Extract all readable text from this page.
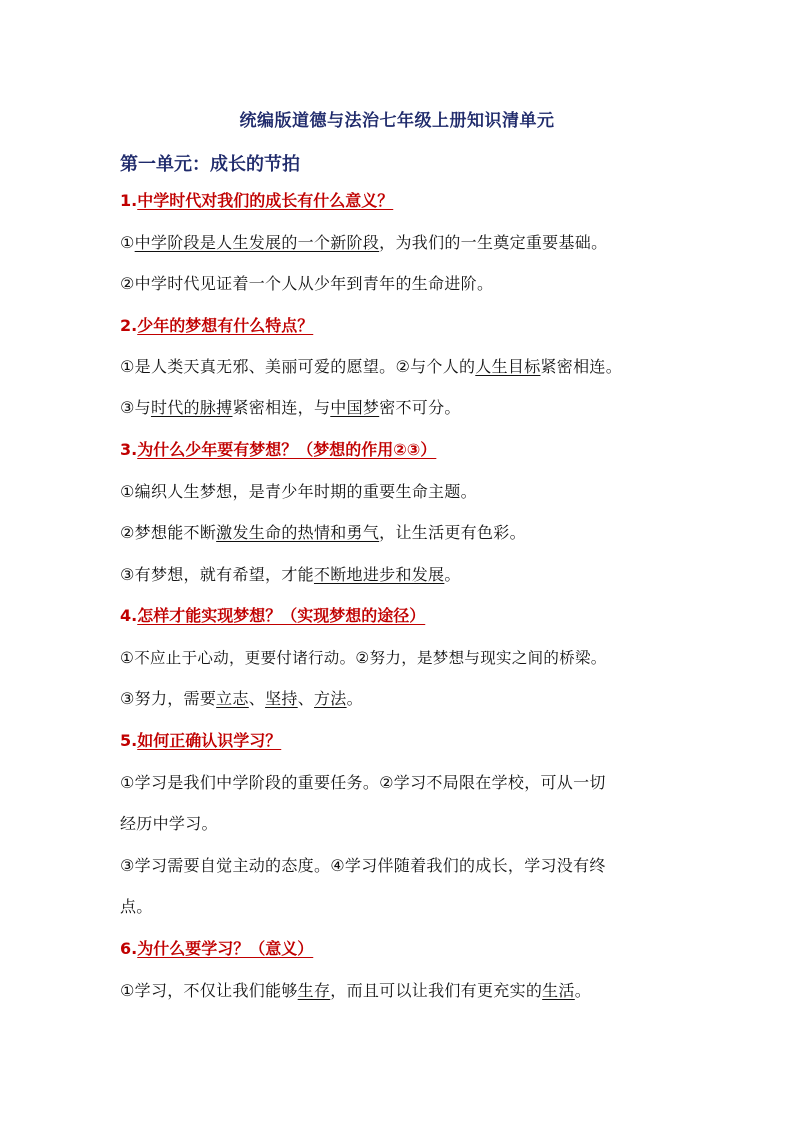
统编版道德与法治七年级上册知识清单元
第一单元：成长的节拍
1.中学时代对我们的成长有什么意义？
①中学阶段是人生发展的一个新阶段，为我们的一生奠定重要基础。
②中学时代见证着一个人从少年到青年的生命进阶。
2.少年的梦想有什么特点？
①是人类天真无邪、美丽可爱的愿望。②与个人的人生目标紧密相连。
③与时代的脉搏紧密相连，与中国梦密不可分。
3.为什么少年要有梦想？（梦想的作用②③）
①编织人生梦想，是青少年时期的重要生命主题。
②梦想能不断激发生命的热情和勇气，让生活更有色彩。
③有梦想，就有希望，才能不断地进步和发展。
4.怎样才能实现梦想？（实现梦想的途径）
①不应止于心动，更要付诸行动。②努力，是梦想与现实之间的桥梁。
③努力，需要立志、坚持、方法。
5.如何正确认识学习？
①学习是我们中学阶段的重要任务。②学习不局限在学校，可从一切
经历中学习。
③学习需要自觉主动的态度。④学习伴随着我们的成长，学习没有终
点。
6.为什么要学习？（意义）
①学习，不仅让我们能够生存，而且可以让我们有更充实的生活。
